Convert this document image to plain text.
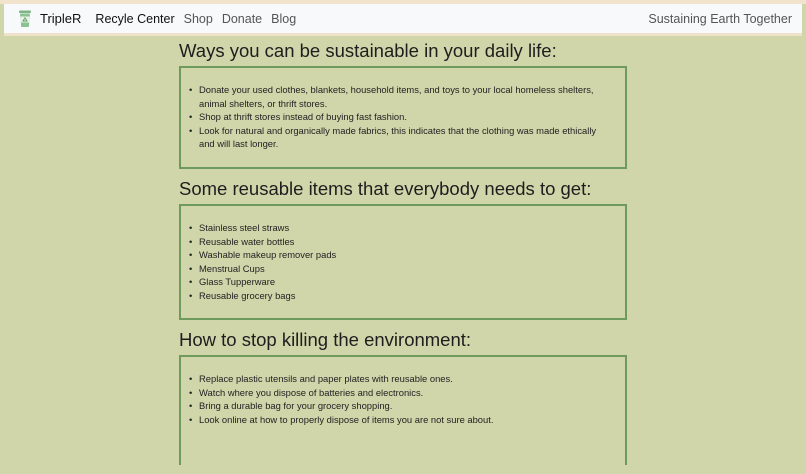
TripleR Recyle Center Shop Donate Blog	Sustaining Earth Together
Ways you can be sustainable in your daily life:
• Donate your used clothes, blankets, household items, and toys to your local homeless shelters, animal shelters, or thrift stores.
• Shop at thrift stores instead of buying fast fashion.
• Look for natural and organically made fabrics, this indicates that the clothing was made ethically and will last longer.
Some reusable items that everybody needs to get:
• Stainless steel straws
• Reusable water bottles
• Washable makeup remover pads
• Menstrual Cups
• Glass Tupperware
• Reusable grocery bags
How to stop killing the environment:
• Replace plastic utensils and paper plates with reusable ones.
• Watch where you dispose of batteries and electronics.
• Bring a durable bag for your grocery shopping.
• Look online at how to properly dispose of items you are not sure about.
